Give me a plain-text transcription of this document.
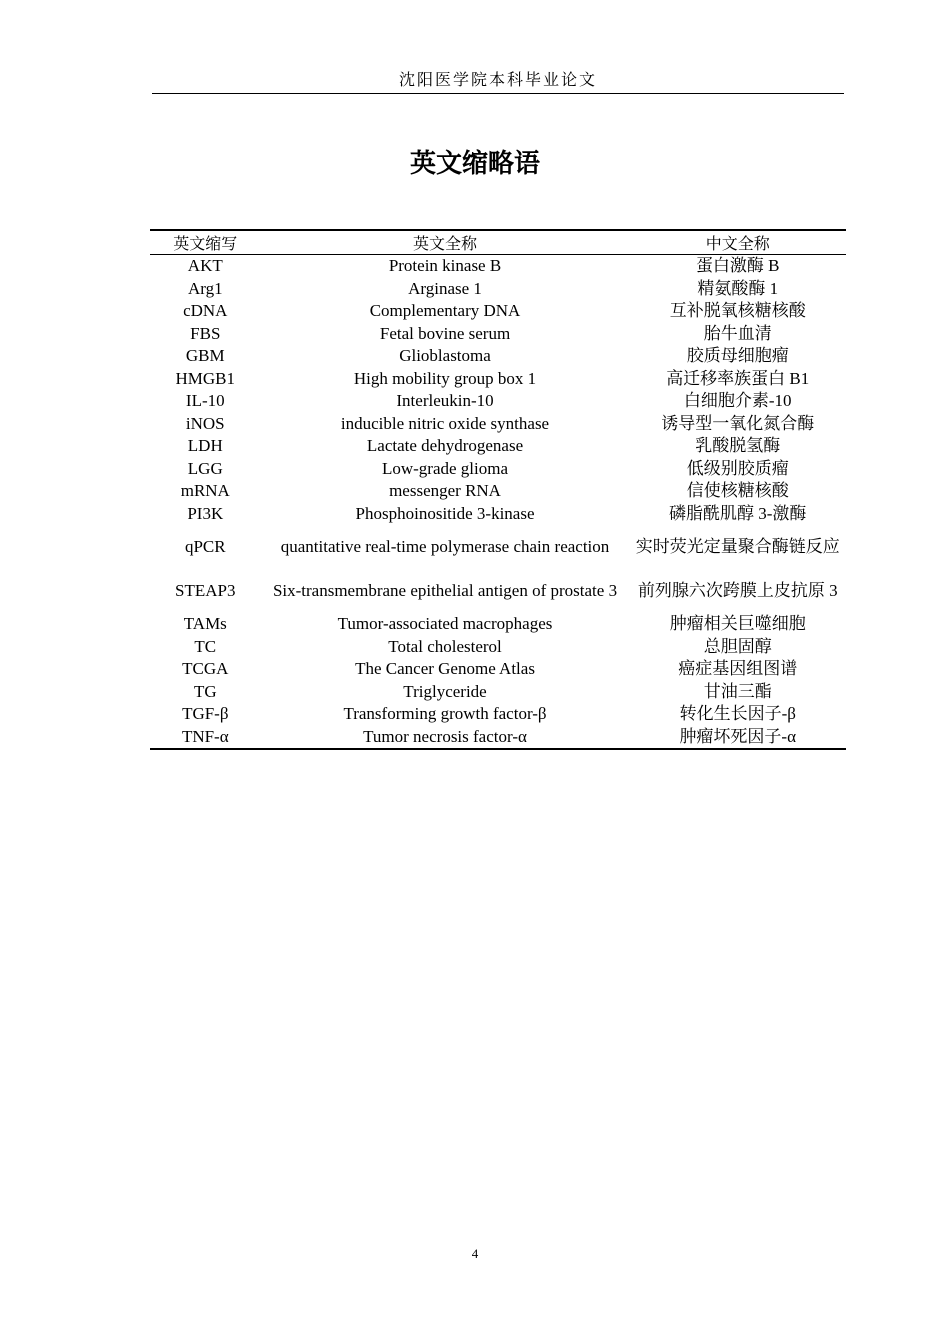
沈阳医学院本科毕业论文
英文缩略语
英文缩写	英文全称	中文全称
AKT	Protein kinase B	蛋白激酶 B
Arg1	Arginase 1	精氨酸酶 1
cDNA	Complementary DNA	互补脱氧核糖核酸
FBS	Fetal bovine serum	胎牛血清
GBM	Glioblastoma	胶质母细胞瘤
HMGB1	High mobility group box 1	高迁移率族蛋白 B1
IL-10	Interleukin-10	白细胞介素-10
iNOS	inducible nitric oxide synthase	诱导型一氧化氮合酶
LDH	Lactate dehydrogenase	乳酸脱氢酶
LGG	Low-grade glioma	低级别胶质瘤
mRNA	messenger RNA	信使核糖核酸
PI3K	Phosphoinositide 3-kinase	磷脂酰肌醇 3-激酶
qPCR	quantitative real-time polymerase chain reaction	实时荧光定量聚合酶链反应
STEAP3	Six-transmembrane epithelial antigen of prostate 3	前列腺六次跨膜上皮抗原 3
TAMs	Tumor-associated macrophages	肿瘤相关巨噬细胞
TC	Total cholesterol	总胆固醇
TCGA	The Cancer Genome Atlas	癌症基因组图谱
TG	Triglyceride	甘油三酯
TGF-β	Transforming growth factor-β	转化生长因子-β
TNF-α	Tumor necrosis factor-α	肿瘤坏死因子-α
4
